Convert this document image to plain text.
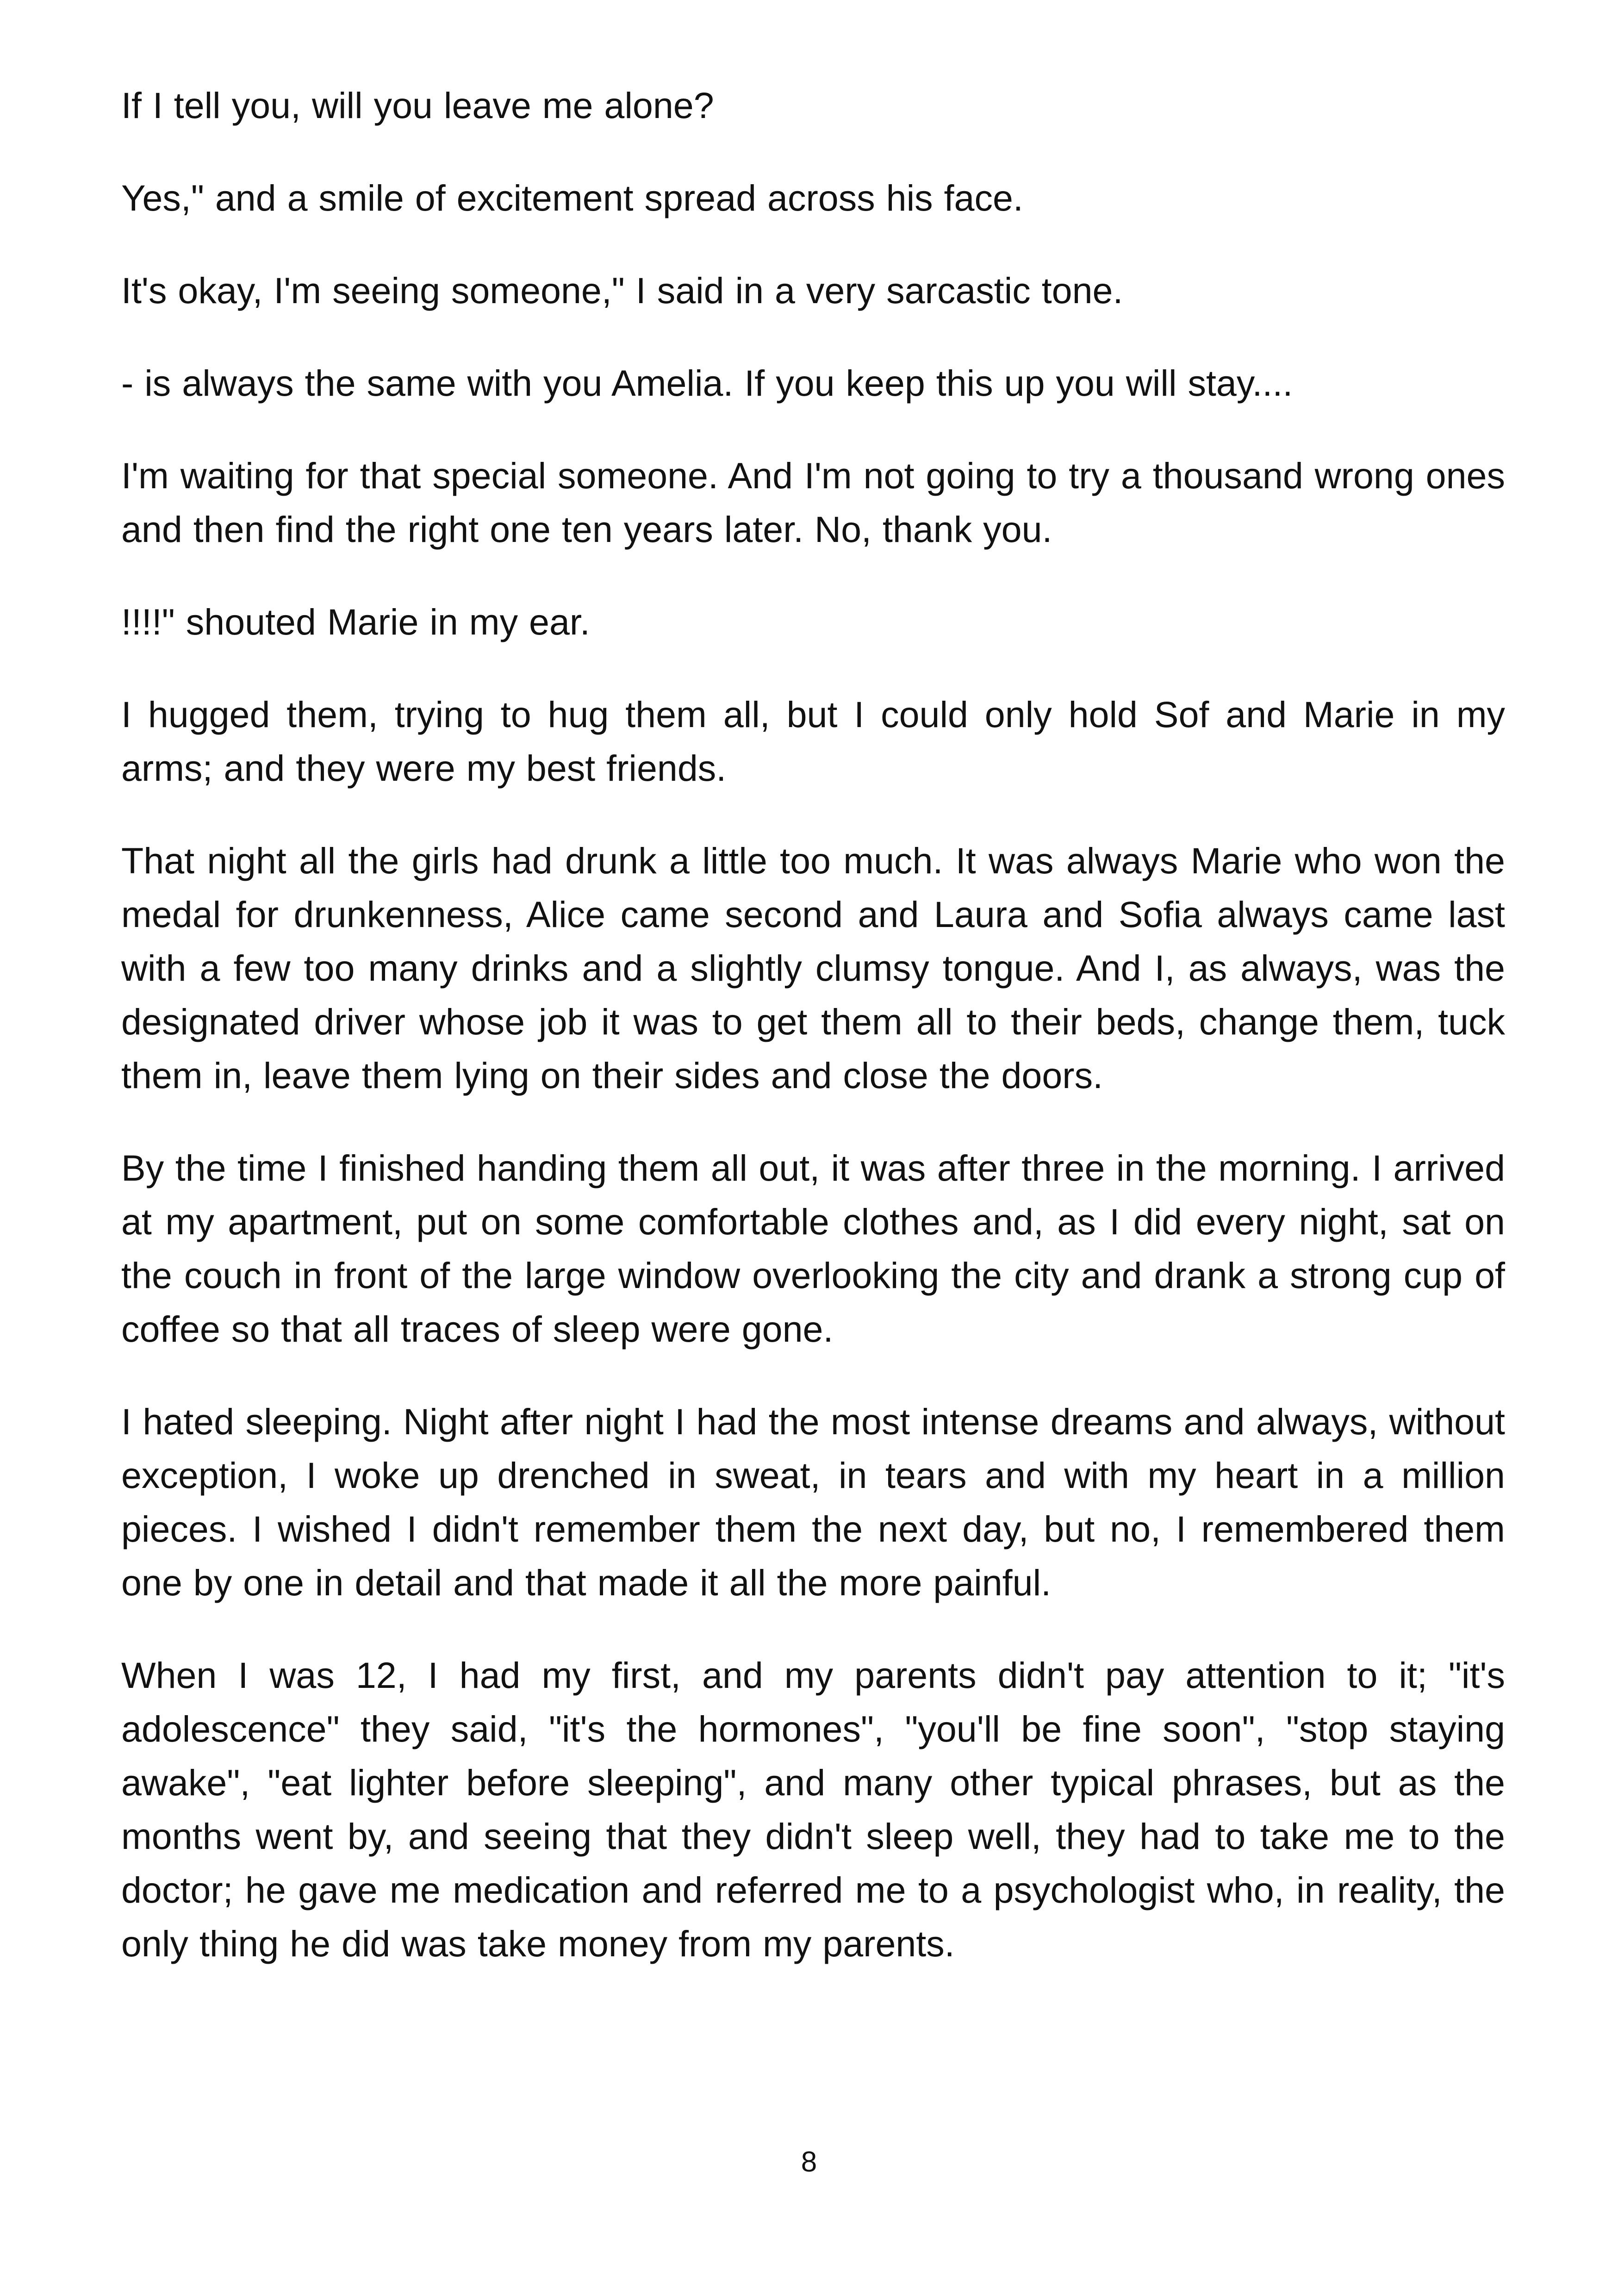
If I tell you, will you leave me alone?

Yes," and a smile of excitement spread across his face.

It's okay, I'm seeing someone," I said in a very sarcastic tone.

- is always the same with you Amelia. If you keep this up you will stay....

I'm waiting for that special someone. And I'm not going to try a thousand wrong ones and then find the right one ten years later. No, thank you.

!!!!" shouted Marie in my ear.

I hugged them, trying to hug them all, but I could only hold Sof and Marie in my arms; and they were my best friends.

That night all the girls had drunk a little too much. It was always Marie who won the medal for drunkenness, Alice came second and Laura and Sofia always came last with a few too many drinks and a slightly clumsy tongue. And I, as always, was the designated driver whose job it was to get them all to their beds, change them, tuck them in, leave them lying on their sides and close the doors.

By the time I finished handing them all out, it was after three in the morning. I arrived at my apartment, put on some comfortable clothes and, as I did every night, sat on the couch in front of the large window overlooking the city and drank a strong cup of coffee so that all traces of sleep were gone.

I hated sleeping. Night after night I had the most intense dreams and always, without exception, I woke up drenched in sweat, in tears and with my heart in a million pieces. I wished I didn't remember them the next day, but no, I remembered them one by one in detail and that made it all the more painful.

When I was 12, I had my first, and my parents didn't pay attention to it; "it's adolescence" they said, "it's the hormones", "you'll be fine soon", "stop staying awake", "eat lighter before sleeping", and many other typical phrases, but as the months went by, and seeing that they didn't sleep well, they had to take me to the doctor; he gave me medication and referred me to a psychologist who, in reality, the only thing he did was take money from my parents.

8
